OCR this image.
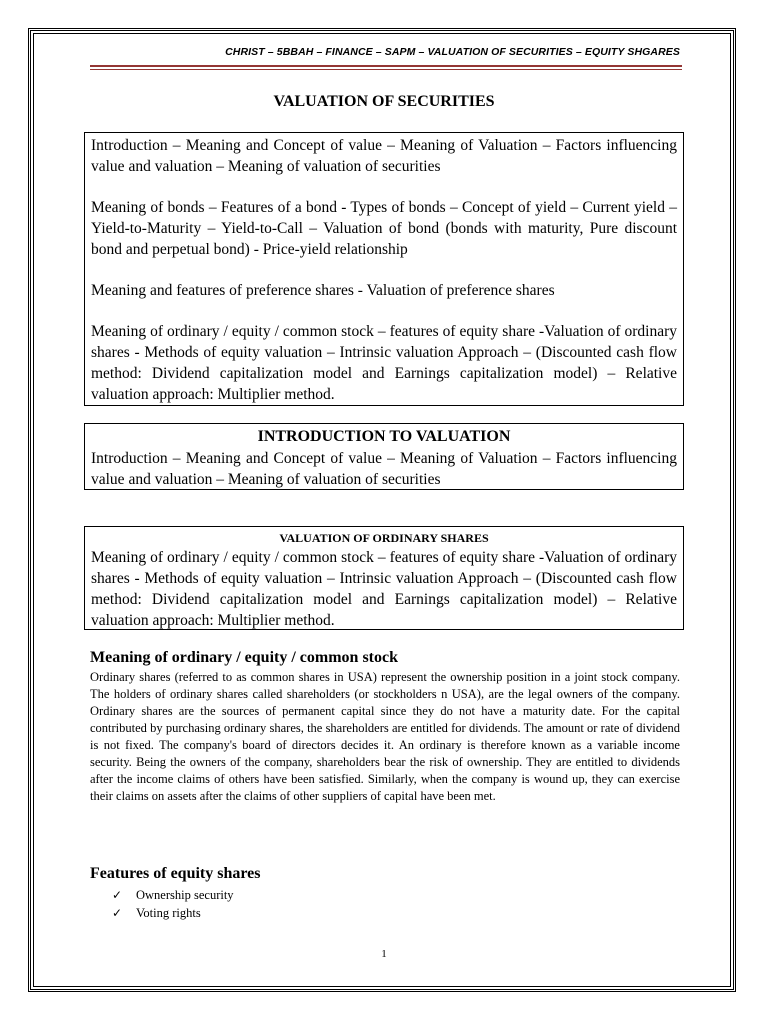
CHRIST – 5BBAH – FINANCE – SAPM – VALUATION OF SECURITIES – EQUITY SHGARES
VALUATION OF SECURITIES

Introduction – Meaning and Concept of value – Meaning of Valuation – Factors influencing value and valuation – Meaning of valuation of securities

Meaning of bonds – Features of a bond - Types of bonds – Concept of yield – Current yield –Yield-to-Maturity – Yield-to-Call – Valuation of bond (bonds with maturity, Pure discount bond and perpetual bond) - Price-yield relationship

Meaning and features of preference shares - Valuation of preference shares

Meaning of ordinary / equity / common stock – features of equity share -Valuation of ordinary shares - Methods of equity valuation – Intrinsic valuation Approach – (Discounted cash flow method: Dividend capitalization model and Earnings capitalization model) – Relative valuation approach: Multiplier method.

INTRODUCTION TO VALUATION

Introduction – Meaning and Concept of value – Meaning of Valuation – Factors influencing value and valuation – Meaning of valuation of securities

VALUATION OF ORDINARY SHARES

Meaning of ordinary / equity / common stock – features of equity share -Valuation of ordinary shares - Methods of equity valuation – Intrinsic valuation Approach – (Discounted cash flow method: Dividend capitalization model and Earnings capitalization model) – Relative valuation approach: Multiplier method.

Meaning of ordinary / equity / common stock

Ordinary shares (referred to as common shares in USA) represent the ownership position in a joint stock company. The holders of ordinary shares called shareholders (or stockholders n USA), are the legal owners of the company. Ordinary shares are the sources of permanent capital since they do not have a maturity date. For the capital contributed by purchasing ordinary shares, the shareholders are entitled for dividends. The amount or rate of dividend is not fixed. The company's board of directors decides it. An ordinary is therefore known as a variable income security. Being the owners of the company, shareholders bear the risk of ownership. They are entitled to dividends after the income claims of others have been satisfied. Similarly, when the company is wound up, they can exercise their claims on assets after the claims of other suppliers of capital have been met.

Features of equity shares
✓	Ownership security
✓	Voting rights
1
